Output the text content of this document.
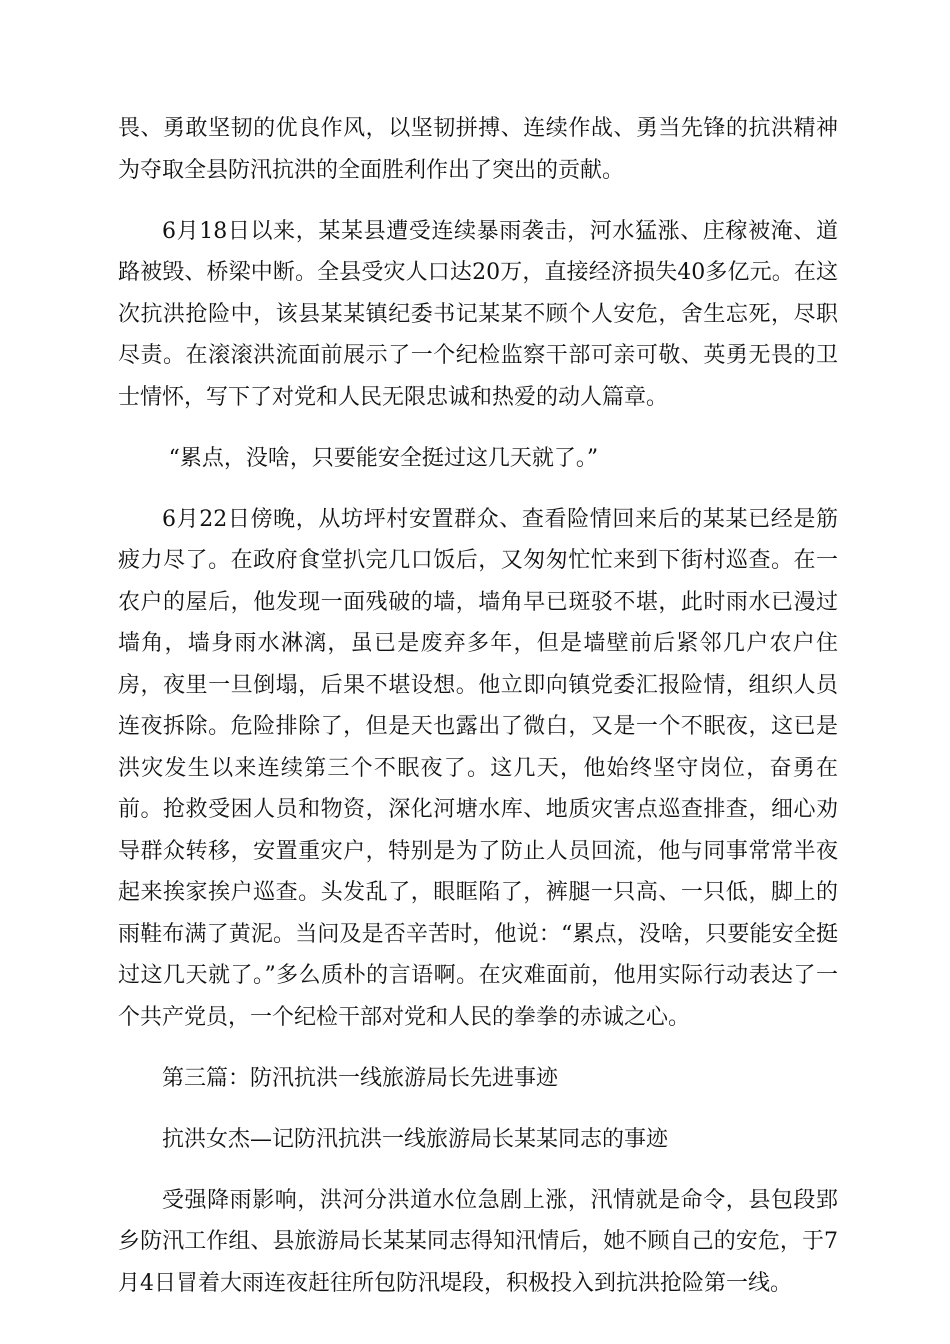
畏、勇敢坚韧的优良作风，以坚韧拼搏、连续作战、勇当先锋的抗洪精神为夺取全县防汛抗洪的全面胜利作出了突出的贡献。

6月18日以来，某某县遭受连续暴雨袭击，河水猛涨、庄稼被淹、道路被毁、桥梁中断。全县受灾人口达20万，直接经济损失40多亿元。在这次抗洪抢险中，该县某某镇纪委书记某某不顾个人安危，舍生忘死，尽职尽责。在滚滚洪流面前展示了一个纪检监察干部可亲可敬、英勇无畏的卫士情怀，写下了对党和人民无限忠诚和热爱的动人篇章。

“累点，没啥，只要能安全挺过这几天就了。”

6月22日傍晚，从坊坪村安置群众、查看险情回来后的某某已经是筋疲力尽了。在政府食堂扒完几口饭后，又匆匆忙忙来到下街村巡查。在一农户的屋后，他发现一面残破的墙，墙角早已斑驳不堪，此时雨水已漫过墙角，墙身雨水淋漓，虽已是废弃多年，但是墙壁前后紧邻几户农户住房，夜里一旦倒塌，后果不堪设想。他立即向镇党委汇报险情，组织人员连夜拆除。危险排除了，但是天也露出了微白，又是一个不眠夜，这已是洪灾发生以来连续第三个不眠夜了。这几天，他始终坚守岗位，奋勇在前。抢救受困人员和物资，深化河塘水库、地质灾害点巡查排查，细心劝导群众转移，安置重灾户，特别是为了防止人员回流，他与同事常常半夜起来挨家挨户巡查。头发乱了，眼眶陷了，裤腿一只高、一只低，脚上的雨鞋布满了黄泥。当问及是否辛苦时，他说：“累点，没啥，只要能安全挺过这几天就了。”多么质朴的言语啊。在灾难面前，他用实际行动表达了一个共产党员，一个纪检干部对党和人民的拳拳的赤诚之心。

第三篇：防汛抗洪一线旅游局长先进事迹

抗洪女杰—记防汛抗洪一线旅游局长某某同志的事迹

受强降雨影响，洪河分洪道水位急剧上涨，汛情就是命令，县包段郢乡防汛工作组、县旅游局长某某同志得知汛情后，她不顾自己的安危，于7月4日冒着大雨连夜赶往所包防汛堤段，积极投入到抗洪抢险第一线。
